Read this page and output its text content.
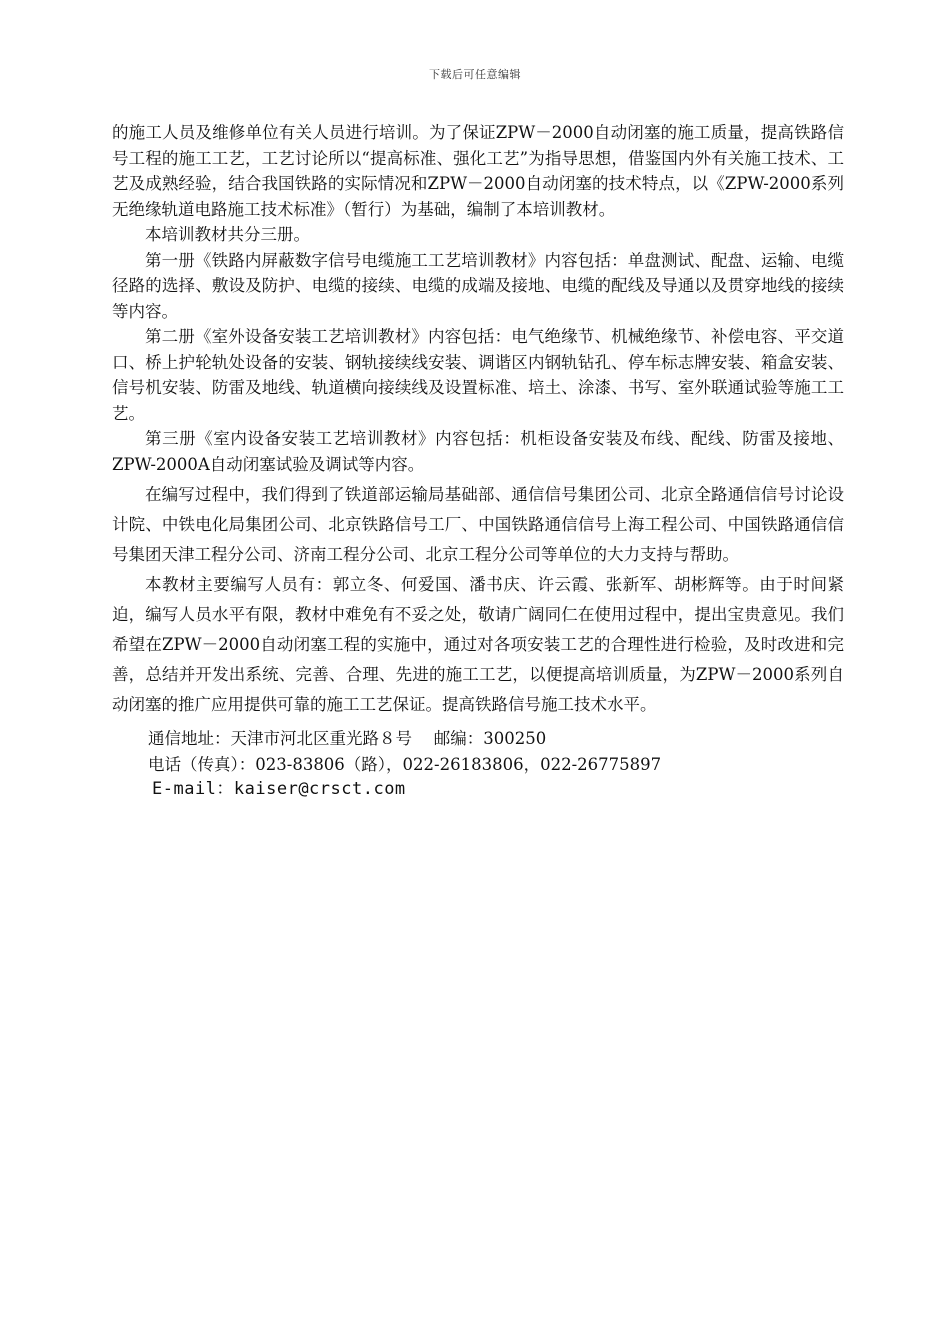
下载后可任意编辑

的施工人员及维修单位有关人员进行培训。为了保证ZPW－2000自动闭塞的施工质量，提高铁路信号工程的施工工艺，工艺讨论所以“提高标准、强化工艺”为指导思想，借鉴国内外有关施工技术、工艺及成熟经验，结合我国铁路的实际情况和ZPW－2000自动闭塞的技术特点，以《ZPW-2000系列无绝缘轨道电路施工技术标准》（暂行）为基础，编制了本培训教材。

本培训教材共分三册。

第一册《铁路内屏蔽数字信号电缆施工工艺培训教材》内容包括：单盘测试、配盘、运输、电缆径路的选择、敷设及防护、电缆的接续、电缆的成端及接地、电缆的配线及导通以及贯穿地线的接续等内容。

第二册《室外设备安装工艺培训教材》内容包括：电气绝缘节、机械绝缘节、补偿电容、平交道口、桥上护轮轨处设备的安装、钢轨接续线安装、调谐区内钢轨钻孔、停车标志牌安装、箱盒安装、信号机安装、防雷及地线、轨道横向接续线及设置标准、培土、涂漆、书写、室外联通试验等施工工艺。

第三册《室内设备安装工艺培训教材》内容包括：机柜设备安装及布线、配线、防雷及接地、ZPW-2000A自动闭塞试验及调试等内容。

在编写过程中，我们得到了铁道部运输局基础部、通信信号集团公司、北京全路通信信号讨论设计院、中铁电化局集团公司、北京铁路信号工厂、中国铁路通信信号上海工程公司、中国铁路通信信号集团天津工程分公司、济南工程分公司、北京工程分公司等单位的大力支持与帮助。

本教材主要编写人员有：郭立冬、何爱国、潘书庆、许云霞、张新军、胡彬辉等。由于时间紧迫，编写人员水平有限，教材中难免有不妥之处，敬请广阔同仁在使用过程中，提出宝贵意见。我们希望在ZPW－2000自动闭塞工程的实施中，通过对各项安装工艺的合理性进行检验，及时改进和完善，总结并开发出系统、完善、合理、先进的施工工艺，以便提高培训质量，为ZPW－2000系列自动闭塞的推广应用提供可靠的施工工艺保证。提高铁路信号施工技术水平。

通信地址：天津市河北区重光路８号　 邮编：300250

电话（传真）：023-83806（路），022-26183806，022-26775897

E-mail：kaiser@crsct.com
